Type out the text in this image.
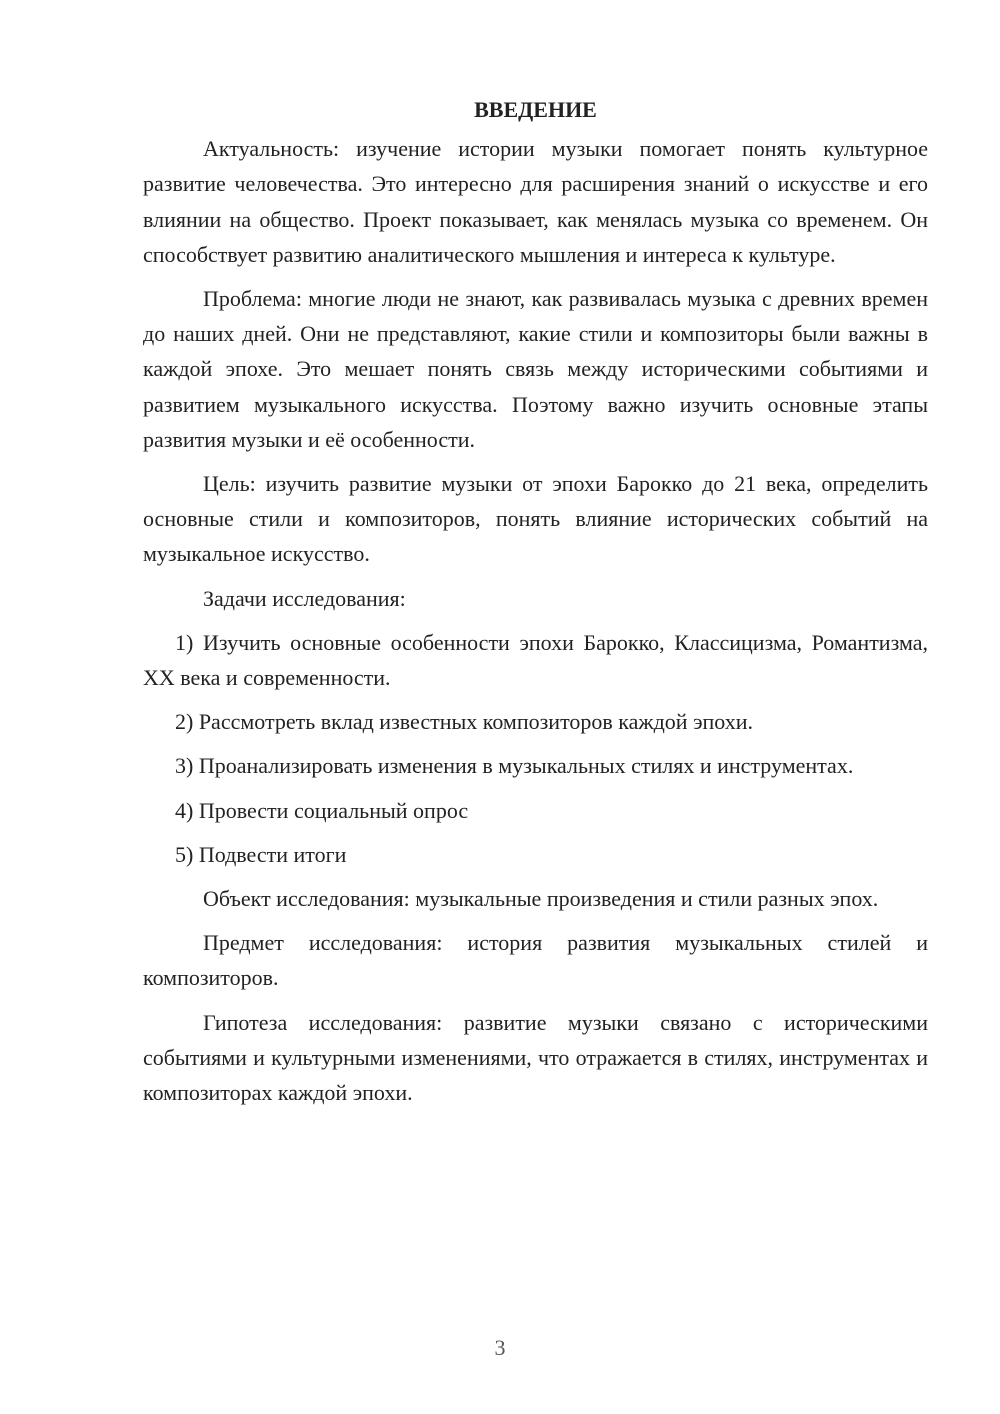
ВВЕДЕНИЕ

Актуальность: изучение истории музыки помогает понять культурное развитие человечества. Это интересно для расширения знаний о искусстве и его влиянии на общество. Проект показывает, как менялась музыка со временем. Он способствует развитию аналитического мышления и интереса к культуре.

Проблема: многие люди не знают, как развивалась музыка с древних времен до наших дней. Они не представляют, какие стили и композиторы были важны в каждой эпохе. Это мешает понять связь между историческими событиями и развитием музыкального искусства. Поэтому важно изучить основные этапы развития музыки и её особенности.

Цель: изучить развитие музыки от эпохи Барокко до 21 века, определить основные стили и композиторов, понять влияние исторических событий на музыкальное искусство.

Задачи исследования:

1) Изучить основные особенности эпохи Барокко, Классицизма, Романтизма, XX века и современности.

2) Рассмотреть вклад известных композиторов каждой эпохи.

3) Проанализировать изменения в музыкальных стилях и инструментах.

4) Провести социальный опрос

5) Подвести итоги

Объект исследования: музыкальные произведения и стили разных эпох.

Предмет исследования: история развития музыкальных стилей и композиторов.

Гипотеза исследования: развитие музыки связано с историческими событиями и культурными изменениями, что отражается в стилях, инструментах и композиторах каждой эпохи.

3
